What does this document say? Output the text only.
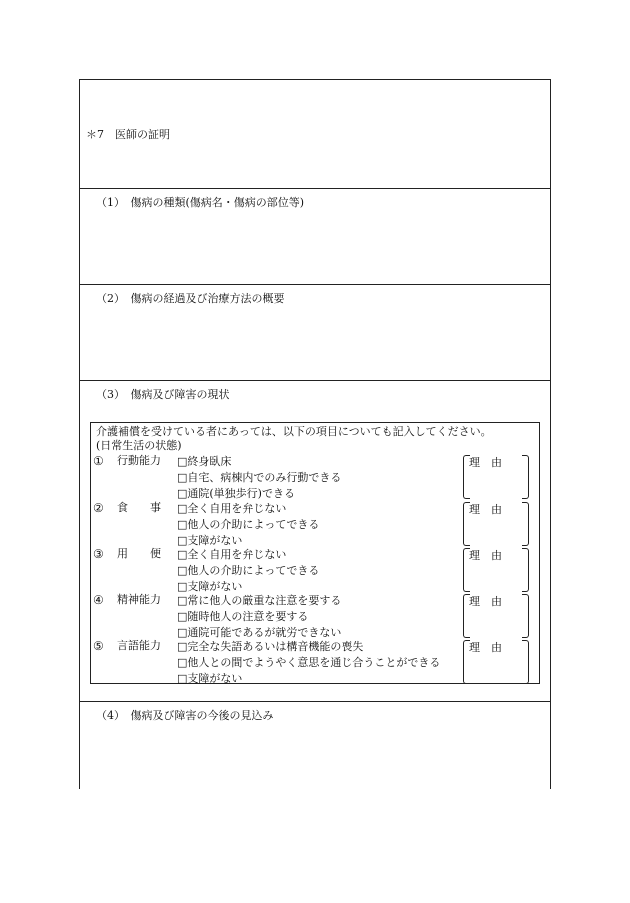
＊7　医師の証明
（1）　傷病の種類(傷病名・傷病の部位等)
（2）　傷病の経過及び治療方法の概要
（3）　傷病及び障害の現状
介護補償を受けている者にあっては、以下の項目についても記入してください。
(日常生活の状態)
① 行動能力 □終身臥床
□自宅、病棟内でのみ行動できる
□通院(単独歩行)できる
理　由
② 食　　事 □全く自用を弁じない
□他人の介助によってできる
□支障がない
理　由
③ 用　　便 □全く自用を弁じない
□他人の介助によってできる
□支障がない
理　由
④ 精神能力 □常に他人の厳重な注意を要する
□随時他人の注意を要する
□通院可能であるが就労できない
理　由
⑤ 言語能力 □完全な失語あるいは構音機能の喪失
□他人との間でようやく意思を通じ合うことができる
□支障がない
理　由
（4）　傷病及び障害の今後の見込み
